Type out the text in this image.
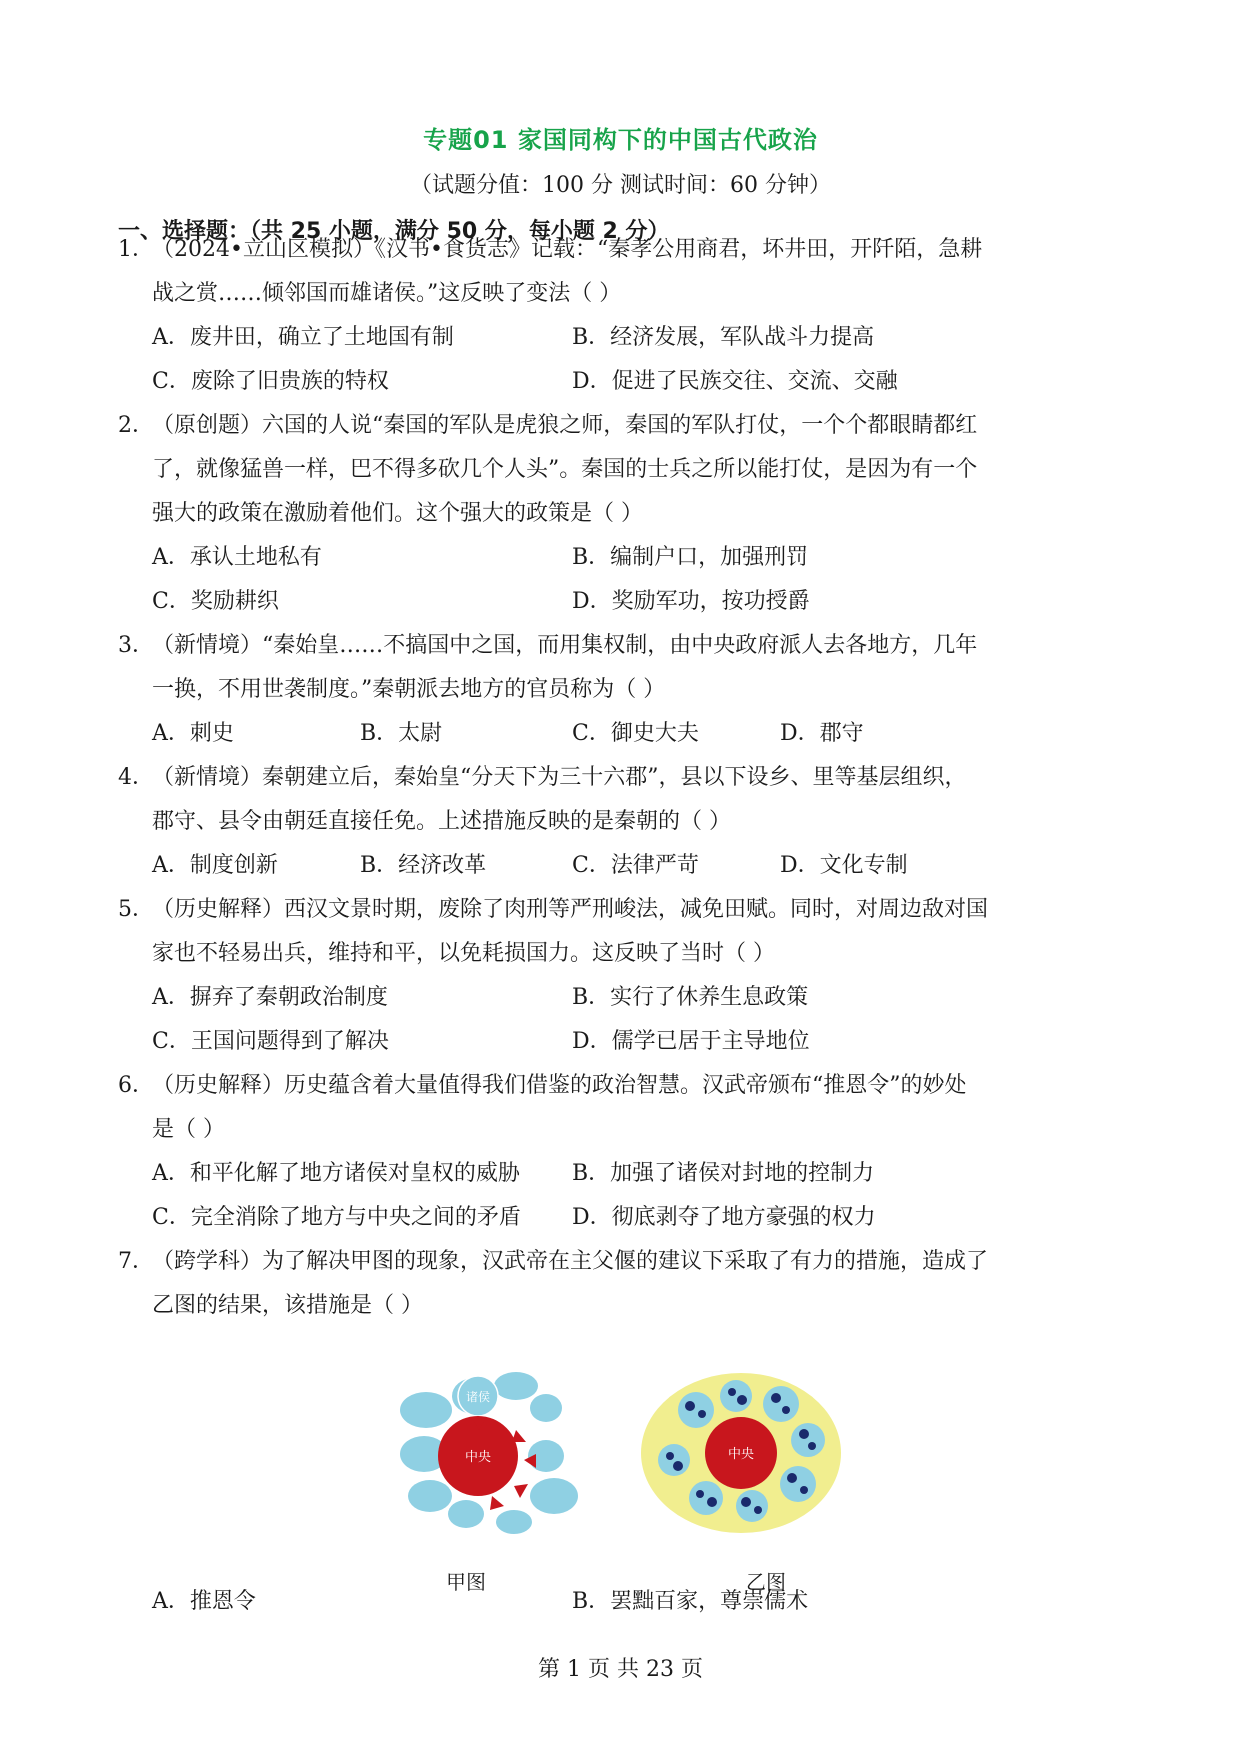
专题01 家国同构下的中国古代政治
（试题分值：100 分 测试时间：60 分钟）
一、选择题：（共 25 小题，满分 50 分，每小题 2 分）
1．（2024•立山区模拟）《汉书•食货志》记载：“秦孝公用商君，坏井田，开阡陌，急耕
战之赏……倾邻国而雄诸侯。”这反映了变法（ ）
A．废井田，确立了土地国有制	B．经济发展，军队战斗力提高
C．废除了旧贵族的特权	D．促进了民族交往、交流、交融
2．（原创题）六国的人说“秦国的军队是虎狼之师，秦国的军队打仗，一个个都眼睛都红
了，就像猛兽一样，巴不得多砍几个人头”。秦国的士兵之所以能打仗，是因为有一个
强大的政策在激励着他们。这个强大的政策是（ ）
A．承认土地私有	B．编制户口，加强刑罚
C．奖励耕织	D．奖励军功，按功授爵
3．（新情境）“秦始皇……不搞国中之国，而用集权制，由中央政府派人去各地方，几年
一换，不用世袭制度。”秦朝派去地方的官员称为（ ）
A．刺史	B．太尉	C．御史大夫	D．郡守
4．（新情境）秦朝建立后，秦始皇“分天下为三十六郡”，县以下设乡、里等基层组织，
郡守、县令由朝廷直接任免。上述措施反映的是秦朝的（ ）
A．制度创新	B．经济改革	C．法律严苛	D．文化专制
5．（历史解释）西汉文景时期，废除了肉刑等严刑峻法，减免田赋。同时，对周边敌对国
家也不轻易出兵，维持和平，以免耗损国力。这反映了当时（ ）
A．摒弃了秦朝政治制度	B．实行了休养生息政策
C．王国问题得到了解决	D．儒学已居于主导地位
6．（历史解释）历史蕴含着大量值得我们借鉴的政治智慧。汉武帝颁布“推恩令”的妙处
是（ ）
A．和平化解了地方诸侯对皇权的威胁 B．加强了诸侯对封地的控制力
C．完全消除了地方与中央之间的矛盾 D．彻底剥夺了地方豪强的权力
7．（跨学科）为了解决甲图的现象，汉武帝在主父偃的建议下采取了有力的措施，造成了
乙图的结果，该措施是（ ）
诸侯
中央	中央
甲图	乙图
A．推恩令	B．罢黜百家，尊崇儒术
第 1 页 共 23 页
